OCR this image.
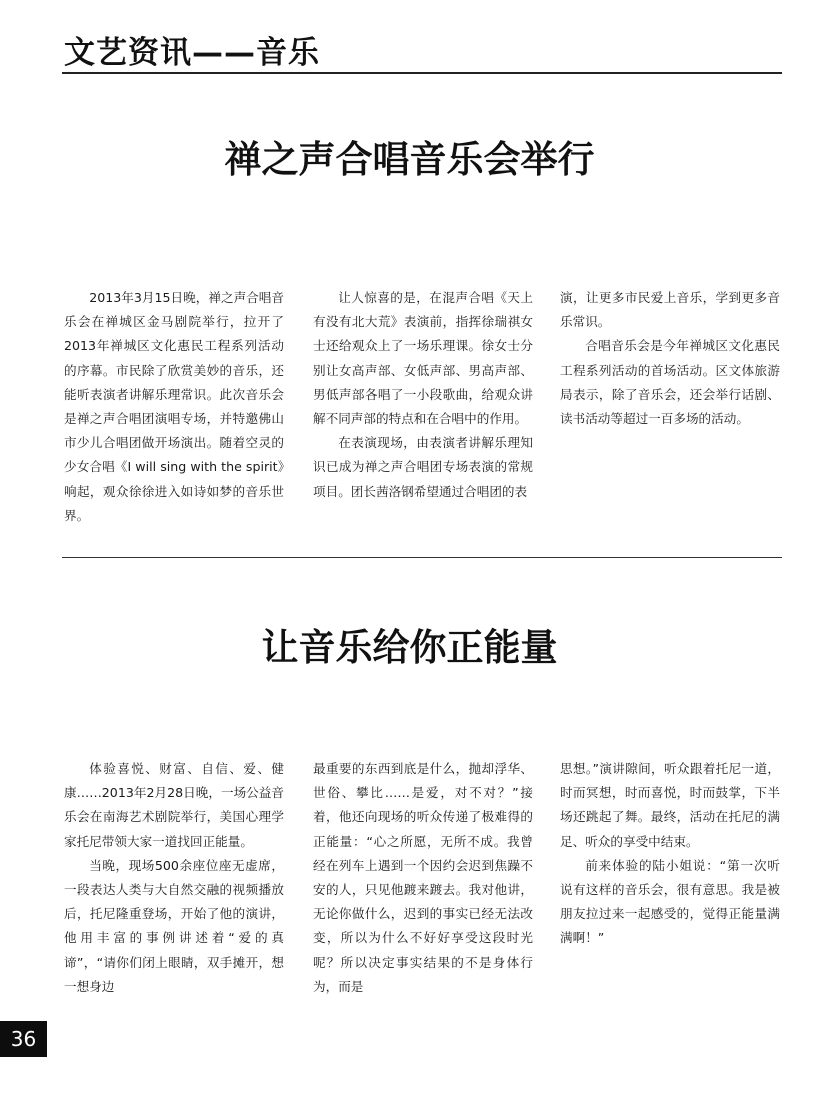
文艺资讯——音乐
禅之声合唱音乐会举行

2013年3月15日晚，禅之声合唱音乐会在禅城区金马剧院举行，拉开了2013年禅城区文化惠民工程系列活动的序幕。市民除了欣赏美妙的音乐，还能听表演者讲解乐理常识。此次音乐会是禅之声合唱团演唱专场，并特邀佛山市少儿合唱团做开场演出。随着空灵的少女合唱《I will sing with the spirit》响起，观众徐徐进入如诗如梦的音乐世界。

让人惊喜的是，在混声合唱《天上有没有北大荒》表演前，指挥徐瑞祺女士还给观众上了一场乐理课。徐女士分别让女高声部、女低声部、男高声部、男低声部各唱了一小段歌曲，给观众讲解不同声部的特点和在合唱中的作用。

在表演现场，由表演者讲解乐理知识已成为禅之声合唱团专场表演的常规项目。团长茜洛钢希望通过合唱团的表

演，让更多市民爱上音乐，学到更多音乐常识。

合唱音乐会是今年禅城区文化惠民工程系列活动的首场活动。区文体旅游局表示，除了音乐会，还会举行话剧、读书活动等超过一百多场的活动。

让音乐给你正能量

体验喜悦、财富、自信、爱、健康……2013年2月28日晚，一场公益音乐会在南海艺术剧院举行，美国心理学家托尼带领大家一道找回正能量。

当晚，现场500余座位座无虚席，一段表达人类与大自然交融的视频播放后，托尼隆重登场，开始了他的演讲，他用丰富的事例讲述着“爱的真谛”，“请你们闭上眼睛，双手摊开，想一想身边

最重要的东西到底是什么，抛却浮华、世俗、攀比……是爱，对不对？”接着，他还向现场的听众传递了极难得的正能量：“心之所愿，无所不成。我曾经在列车上遇到一个因约会迟到焦躁不安的人，只见他踱来踱去。我对他讲，无论你做什么，迟到的事实已经无法改变，所以为什么不好好享受这段时光呢？所以决定事实结果的不是身体行为，而是

思想。”演讲隙间，听众跟着托尼一道，时而冥想，时而喜悦，时而鼓掌，下半场还跳起了舞。最终，活动在托尼的满足、听众的享受中结束。

前来体验的陆小姐说：“第一次听说有这样的音乐会，很有意思。我是被朋友拉过来一起感受的，觉得正能量满满啊！”

36
